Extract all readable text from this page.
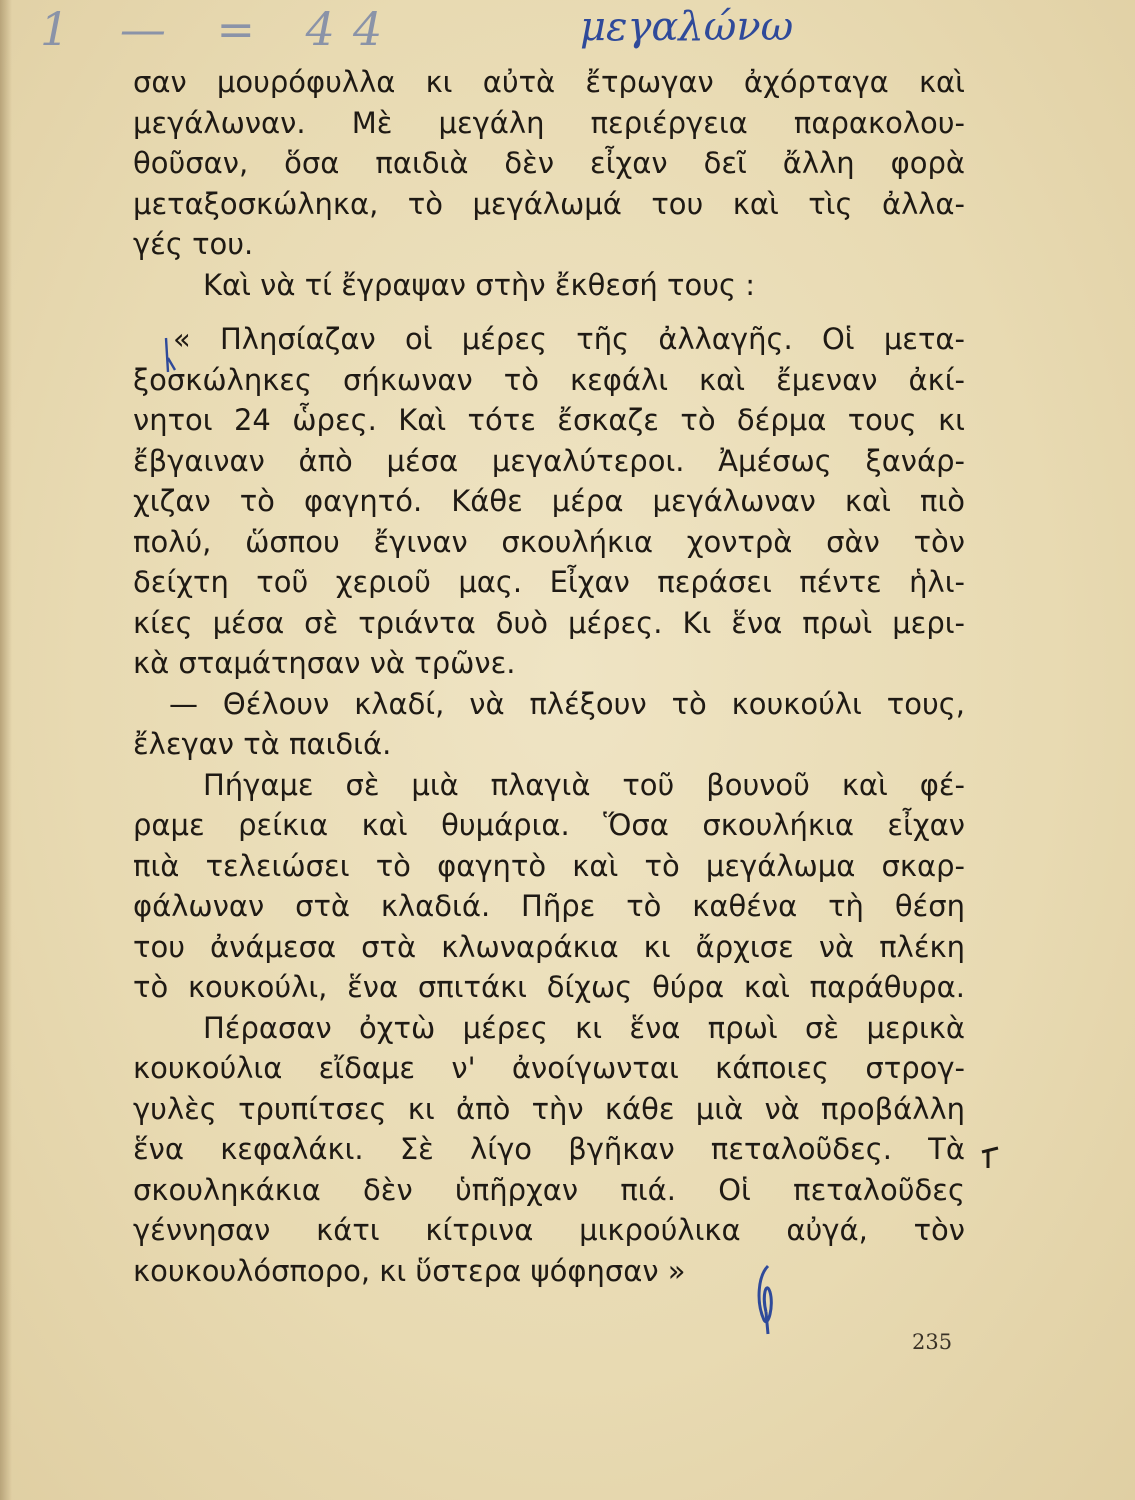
1 — = 44	μεγαλώνω
σαν μουρόφυλλα κι αὐτὰ ἔτρωγαν ἀχόρταγα καὶ
μεγάλωναν. Μὲ μεγάλη περιέργεια παρακολου-
θοῦσαν, ὅσα παιδιὰ δὲν εἶχαν δεῖ ἄλλη φορὰ
μεταξοσκώληκα, τὸ μεγάλωμά του καὶ τὶς ἀλλα-
γές του.
Καὶ νὰ τί ἔγραψαν στὴν ἔκθεσή τους :
« Πλησίαζαν οἱ μέρες τῆς ἀλλαγῆς. Οἱ μετα-
ξοσκώληκες σήκωναν τὸ κεφάλι καὶ ἔμεναν ἀκί-
νητοι 24 ὧρες. Καὶ τότε ἔσκαζε τὸ δέρμα τους κι
ἔβγαιναν ἀπὸ μέσα μεγαλύτεροι. Ἀμέσως ξανάρ-
χιζαν τὸ φαγητό. Κάθε μέρα μεγάλωναν καὶ πιὸ
πολύ, ὥσπου ἔγιναν σκουλήκια χοντρὰ σὰν τὸν
δείχτη τοῦ χεριοῦ μας. Εἶχαν περάσει πέντε ἡλι-
κίες μέσα σὲ τριάντα δυὸ μέρες. Κι ἕνα πρωὶ μερι-
κὰ σταμάτησαν νὰ τρῶνε.
— Θέλουν κλαδί, νὰ πλέξουν τὸ κουκούλι τους,
ἔλεγαν τὰ παιδιά.
Πήγαμε σὲ μιὰ πλαγιὰ τοῦ βουνοῦ καὶ φέ-
ραμε ρείκια καὶ θυμάρια. Ὅσα σκουλήκια εἶχαν
πιὰ τελειώσει τὸ φαγητὸ καὶ τὸ μεγάλωμα σκαρ-
φάλωναν στὰ κλαδιά. Πῆρε τὸ καθένα τὴ θέση
του ἀνάμεσα στὰ κλωναράκια κι ἄρχισε νὰ πλέκη
τὸ κουκούλι, ἕνα σπιτάκι δίχως θύρα καὶ παράθυρα.
Πέρασαν ὀχτὼ μέρες κι ἕνα πρωὶ σὲ μερικὰ
κουκούλια εἴδαμε ν' ἀνοίγωνται κάποιες στρογ-
γυλὲς τρυπίτσες κι ἀπὸ τὴν κάθε μιὰ νὰ προβάλλη
ἕνα κεφαλάκι. Σὲ λίγο βγῆκαν πεταλοῦδες. Τὰ
σκουληκάκια δὲν ὑπῆρχαν πιά. Οἱ πεταλοῦδες
γέννησαν κάτι κίτρινα μικρούλικα αὐγά, τὸν
κουκουλόσπορο, κι ὕστερα ψόφησαν »
235
